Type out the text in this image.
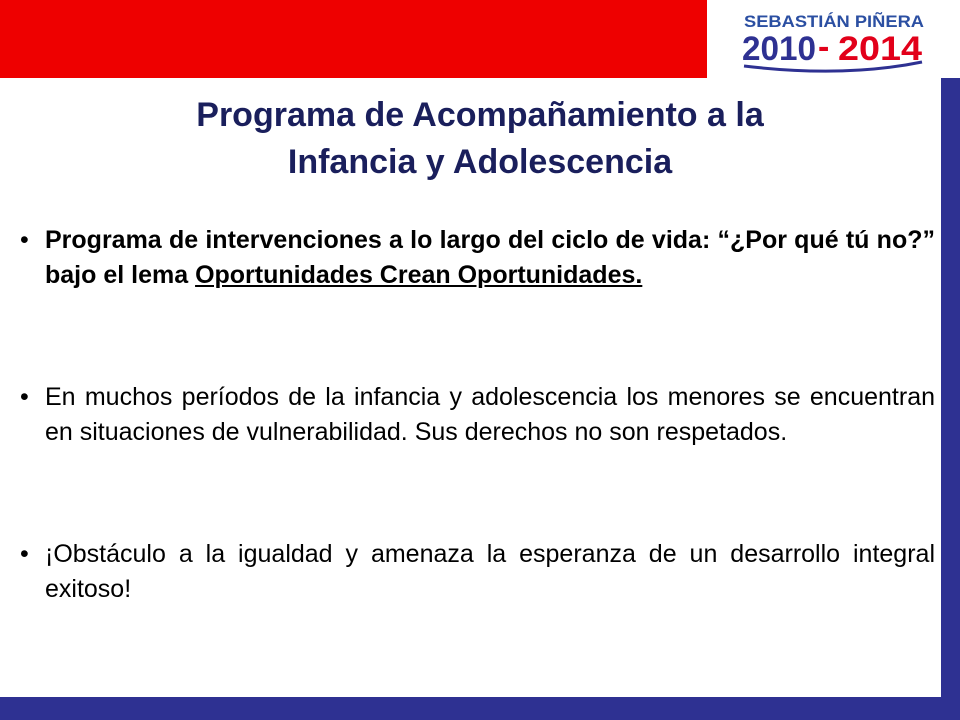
SEBASTIÁN PIÑERA
2010 - 2014
Programa de Acompañamiento a la
Infancia y Adolescencia
• Programa de intervenciones a lo largo del ciclo de vida: “¿Por qué tú no?” bajo el lema Oportunidades Crean Oportunidades.

• En muchos períodos de la infancia y adolescencia los menores se encuentran en situaciones de vulnerabilidad. Sus derechos no son respetados.

• ¡Obstáculo a la igualdad y amenaza la esperanza de un desarrollo integral exitoso!
